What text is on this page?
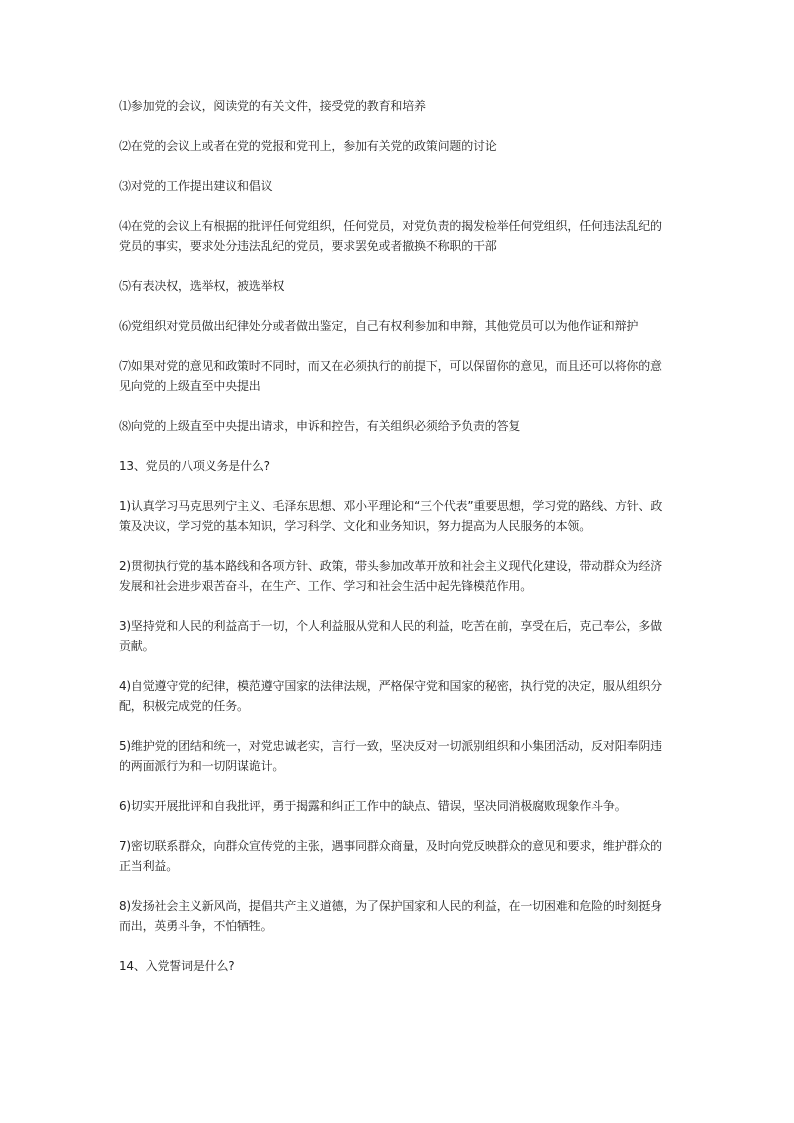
⑴参加党的会议，阅读党的有关文件，接受党的教育和培养

⑵在党的会议上或者在党的党报和党刊上，参加有关党的政策问题的讨论

⑶对党的工作提出建议和倡议

⑷在党的会议上有根据的批评任何党组织，任何党员，对党负责的揭发检举任何党组织，任何违法乱纪的
党员的事实，要求处分违法乱纪的党员，要求罢免或者撤换不称职的干部

⑸有表决权，选举权，被选举权

⑹党组织对党员做出纪律处分或者做出鉴定，自己有权利参加和申辩，其他党员可以为他作证和辩护

⑺如果对党的意见和政策时不同时，而又在必须执行的前提下，可以保留你的意见，而且还可以将你的意
见向党的上级直至中央提出

⑻向党的上级直至中央提出请求，申诉和控告，有关组织必须给予负责的答复

13、党员的八项义务是什么?

1)认真学习马克思列宁主义、毛泽东思想、邓小平理论和“三个代表”重要思想，学习党的路线、方针、政
策及决议，学习党的基本知识，学习科学、文化和业务知识，努力提高为人民服务的本领。

2)贯彻执行党的基本路线和各项方针、政策，带头参加改革开放和社会主义现代化建设，带动群众为经济
发展和社会进步艰苦奋斗，在生产、工作、学习和社会生活中起先锋模范作用。

3)坚持党和人民的利益高于一切，个人利益服从党和人民的利益，吃苦在前，享受在后，克己奉公，多做
贡献。

4)自觉遵守党的纪律，模范遵守国家的法律法规，严格保守党和国家的秘密，执行党的决定，服从组织分
配，积极完成党的任务。

5)维护党的团结和统一，对党忠诚老实，言行一致，坚决反对一切派别组织和小集团活动，反对阳奉阴违
的两面派行为和一切阴谋诡计。

6)切实开展批评和自我批评，勇于揭露和纠正工作中的缺点、错误，坚决同消极腐败现象作斗争。

7)密切联系群众，向群众宣传党的主张，遇事同群众商量，及时向党反映群众的意见和要求，维护群众的
正当利益。

8)发扬社会主义新风尚，提倡共产主义道德，为了保护国家和人民的利益，在一切困难和危险的时刻挺身
而出，英勇斗争，不怕牺牲。

14、入党誓词是什么?
